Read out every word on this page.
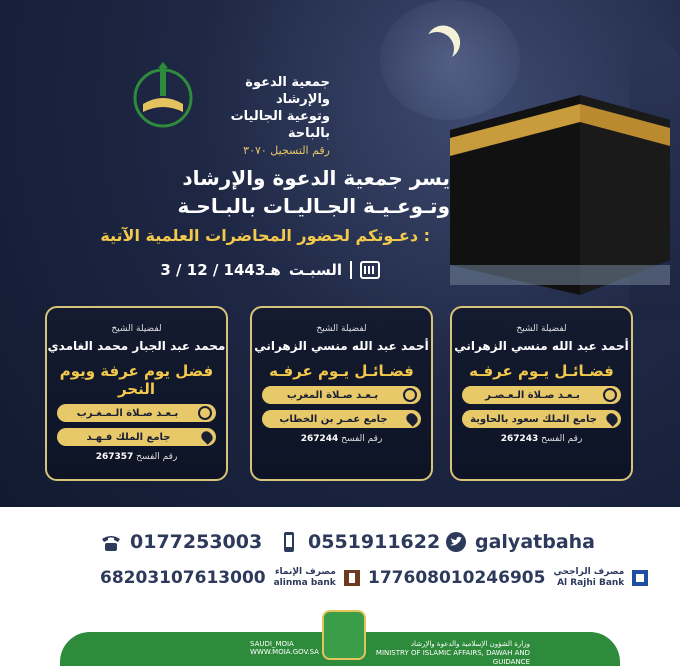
جمعية الدعوة والإرشاد
وتوعية الجاليات بالباحة
رقم التسجيل ٣٠٧٠
يسر جمعية الدعوة والإرشاد
وتـوعـيـة الجـاليـات بالبـاحـة
دعـوتكم لحضور المحاضرات العلمية الآتية :
السبـت
3 / 12 / 1443هـ
لفضيلة الشيخ
أحمد عبد الله منسي الزهراني
فضـائـل يـوم عرفـه
بـعـد صـلاة الـعـصـر
جامع الملك سعود بالحاوية
رقم الفسح 267243
لفضيلة الشيخ
أحمد عبد الله منسي الزهراني
فضـائـل يـوم عرفـه
بـعـد صـلاة المغرب
جامع عمـر بن الخطاب
رقم الفسح 267244
لفضيلة الشيخ
محمد عبد الجبار محمد الغامدي
فضل يوم عرفة ويوم النحر
بـعـد صـلاة الـمـغـرب
جامع الملك فـهـد
رقم الفسح 267357
galyatbaha
0551911622
0177253003
177608010246905 مصرف الراجحي
Al Rajhi Bank
68203107613000 مصرف الإنماء
alinma bank
وزارة الشؤون الإسلامية والدعوة والإرشاد
MINISTRY OF ISLAMIC AFFAIRS, DAWAH AND GUIDANCE
SAUDI_MOIA
WWW.MOIA.GOV.SA
